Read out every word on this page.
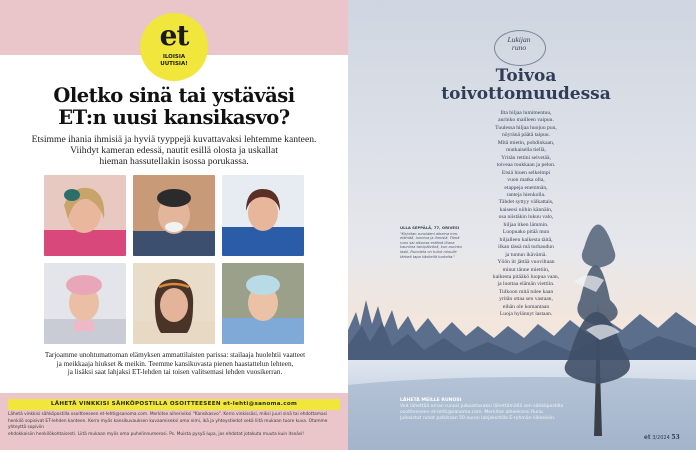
et
ILOISIA
UUTISIA!
Oletko sinä tai ystäväsi
ET:n uusi kansikasvo?
Etsimme ihania ihmisiä ja hyviä tyyppejä kuvattavaksi lehtemme kanteen.
Viihdyt kameran edessä, nautit esillä olosta ja uskallat
hieman hassutellakin isossa porukassa.
Tarjoamme unohtumattoman elämyksen ammattilaisten parissa: stailaaja huolehtii vaatteet
ja meikkaaja hiukset & meikin. Teemme kansikuvasta pienen haastattelun lehteen,
ja lisäksi saat lahjaksi ET-lehden tai toisen valitsemasi lehden vuosikerran.
LÄHETÄ VINKKISI SÄHKÖPOSTILLA OSOITTEESEEN et-lehti@sanoma.com
Lähetä vinkkisi sähköpostilla osoitteeseen et-lehti@sanoma.com. Merkitse aiheriviksi "Kansikasvo". Kerro vinkissäsi, miksi juuri sinä tai ehdottamasi
henkilö sopisivat ET-lehden kanteen. Kerro myös kansikuvauksen kuvaamiseksi oma nimi, ikä ja yhteystiedot sekä liitä mukaan tuore kuva. Otamme yhteyttä sopiviin
ehdokkaisiin henkilökohtaisesti. Liitä mukaan myös oma puhelinnumerosi. Ps. Muista pysyä lupa, jos ehdotat jotakuta muuta kuin itseäsi!
Lukijan
runo
Toivoa
toivottomuudessa
Ilta hiljaa lumimentuu,
aurinko mailleen vaipuu.
Tuulessa hiljaa huojuu puu,
nöyränä päätä taipuu.
Mitä mietin, pohdinkaan,
mutkaisella tiellä,
Yritän rettini selvetää,
toiveaa toukkaan ja pelon.
Etsiä hiuen selkeimpi
vuon matka olla,
etappeja enemmän,
ranteja hienkolla.
Tähdet syttyy välkattais,
kaiseesi niihin kännäin,
osa niistäkin lukuu valo,
hiljaa itken lämmin.
Luopuako pitää mun
hiljalleen kaikesta täitä,
ilkan tässä mä turhaudun
ja tuntun ikävämä.
Yöön iit jättää vuoviltaan
minut tänne miettiin,
kaikesta pitääkö luopua vaan,
ja luottaa elämän viettiin.
Tulkoon mitä tulee kaan
yritän ottaa sen vastaan,
eihän ole komantaan
Luoja hylännyt lastaan.
ULLA SEPPÄLÄ, 77, ORIVESI
"Kirjoitan runoideni aiheina mm. elämää, luontoa ja ihmisiä. Tämä runo sai alkunsa eräänä iltana kauniina talvipäivänä, kun aurinko laski. Runoista on tullut minulle tärkeä tapa käsitellä tunteita."
LÄHETÄ MEILLE RUNOSI
Voit lähettää oman runosi julkaistavaksi lähettämällä sen sähköpostilla
osoitteeseen et-lehti@sanoma.com. Merkitse aiheeksesi Runo.
Julkaistut runot palkitaan 50 euron lahjakortilla E-ryhmän liikkeisiin.
et 3/2024 53
